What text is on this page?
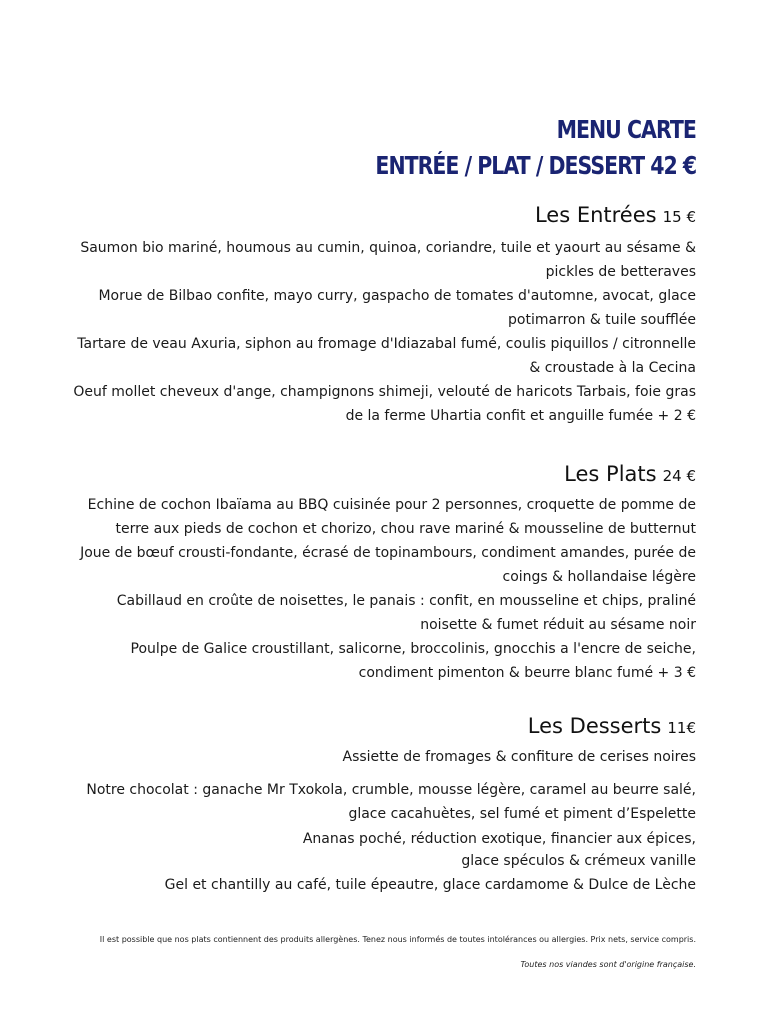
MENU CARTE
ENTRÉE / PLAT / DESSERT 42 €
Les Entrées 15 €
Saumon bio mariné, houmous au cumin, quinoa, coriandre, tuile et yaourt au sésame &
pickles de betteraves
Morue de Bilbao confite, mayo curry, gaspacho de tomates d'automne, avocat, glace
potimarron & tuile soufflée
Tartare de veau Axuria, siphon au fromage d'Idiazabal fumé, coulis piquillos / citronnelle
& croustade à la Cecina
Oeuf mollet cheveux d'ange, champignons shimeji, velouté de haricots Tarbais, foie gras
de la ferme Uhartia confit et anguille fumée + 2 €
Les Plats 24 €
Echine de cochon Ibaïama au BBQ cuisinée pour 2 personnes, croquette de pomme de
terre aux pieds de cochon et chorizo, chou rave mariné & mousseline de butternut
Joue de bœuf crousti-fondante, écrasé de topinambours, condiment amandes, purée de
coings & hollandaise légère
Cabillaud en croûte de noisettes, le panais : confit, en mousseline et chips, praliné
noisette & fumet réduit au sésame noir
Poulpe de Galice croustillant, salicorne, broccolinis, gnocchis a l'encre de seiche,
condiment pimenton & beurre blanc fumé + 3 €
Les Desserts 11€
Assiette de fromages & confiture de cerises noires
Notre chocolat : ganache Mr Txokola, crumble, mousse légère, caramel au beurre salé,
glace cacahuètes, sel fumé et piment d’Espelette
Ananas poché, réduction exotique, financier aux épices,
glace spéculos & crémeux vanille
Gel et chantilly au café, tuile épeautre, glace cardamome & Dulce de Lèche
Il est possible que nos plats contiennent des produits allergènes. Tenez nous informés de toutes intolérances ou allergies. Prix nets, service compris.
Toutes nos viandes sont d'origine française.
